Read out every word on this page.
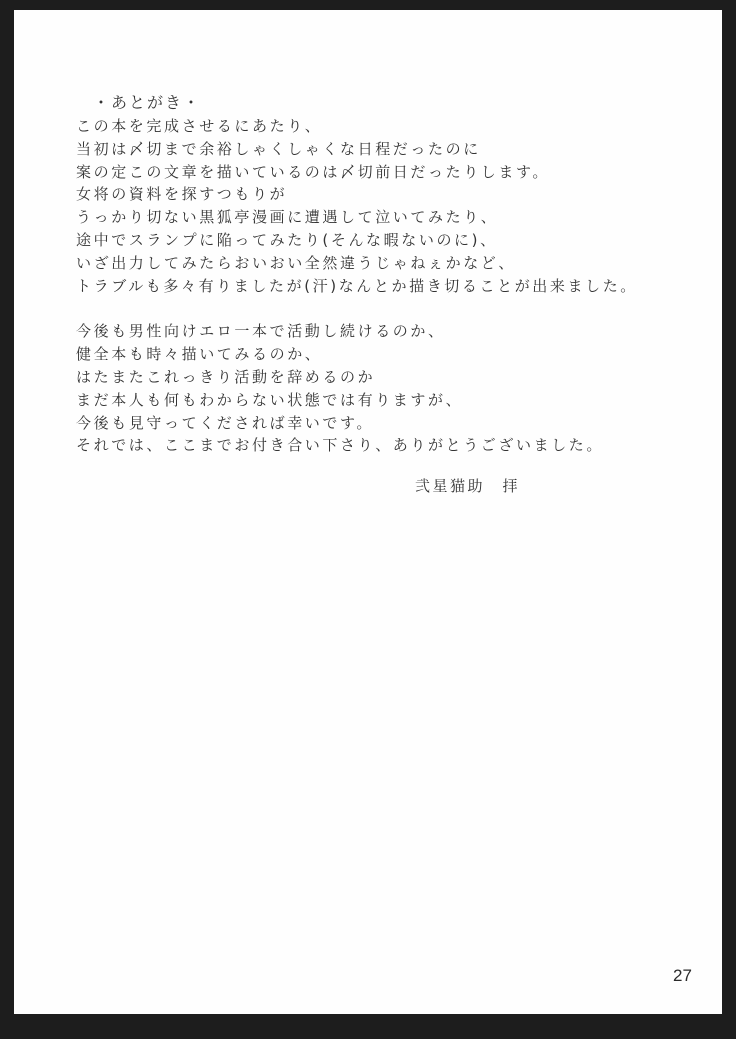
・あとがき・
この本を完成させるにあたり、
当初は〆切まで余裕しゃくしゃくな日程だったのに
案の定この文章を描いているのは〆切前日だったりします。
女将の資料を探すつもりが
うっかり切ない黒狐亭漫画に遭遇して泣いてみたり、
途中でスランプに陥ってみたり(そんな暇ないのに)、
いざ出力してみたらおいおい全然違うじゃねぇかなど、
トラブルも多々有りましたが(汗)なんとか描き切ることが出来ました。
今後も男性向けエロ一本で活動し続けるのか、
健全本も時々描いてみるのか、
はたまたこれっきり活動を辞めるのか
まだ本人も何もわからない状態では有りますが、
今後も見守ってくだされば幸いです。
それでは、ここまでお付き合い下さり、ありがとうございました。
弐星猫助　拝
27
